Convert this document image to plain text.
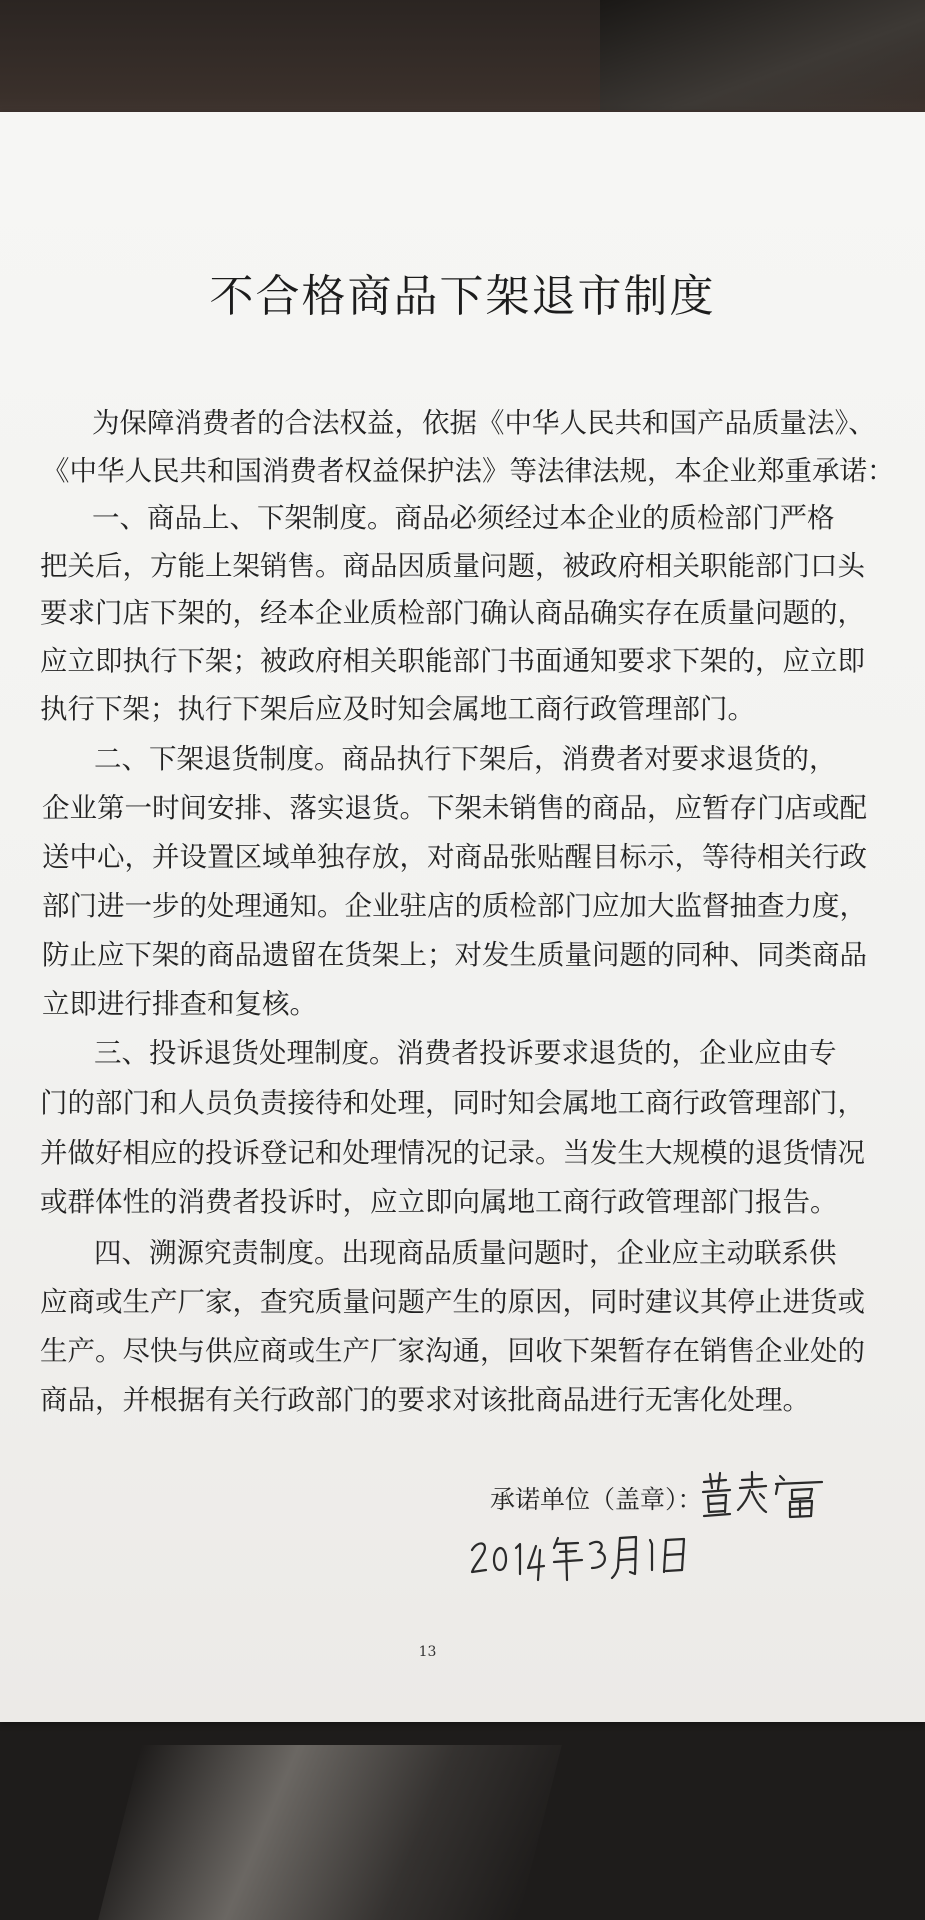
不合格商品下架退市制度
为保障消费者的合法权益，依据《中华人民共和国产品质量法》、
《中华人民共和国消费者权益保护法》等法律法规，本企业郑重承诺：
一、商品上、下架制度。商品必须经过本企业的质检部门严格
把关后，方能上架销售。商品因质量问题，被政府相关职能部门口头
要求门店下架的，经本企业质检部门确认商品确实存在质量问题的，
应立即执行下架；被政府相关职能部门书面通知要求下架的，应立即
执行下架；执行下架后应及时知会属地工商行政管理部门。
二、下架退货制度。商品执行下架后，消费者对要求退货的，
企业第一时间安排、落实退货。下架未销售的商品，应暂存门店或配
送中心，并设置区域单独存放，对商品张贴醒目标示，等待相关行政
部门进一步的处理通知。企业驻店的质检部门应加大监督抽查力度，
防止应下架的商品遗留在货架上；对发生质量问题的同种、同类商品
立即进行排查和复核。
三、投诉退货处理制度。消费者投诉要求退货的，企业应由专
门的部门和人员负责接待和处理，同时知会属地工商行政管理部门，
并做好相应的投诉登记和处理情况的记录。当发生大规模的退货情况
或群体性的消费者投诉时，应立即向属地工商行政管理部门报告。
四、溯源究责制度。出现商品质量问题时，企业应主动联系供
应商或生产厂家，查究质量问题产生的原因，同时建议其停止进货或
生产。尽快与供应商或生产厂家沟通，回收下架暂存在销售企业处的
商品，并根据有关行政部门的要求对该批商品进行无害化处理。
承诺单位（盖章）：
13
